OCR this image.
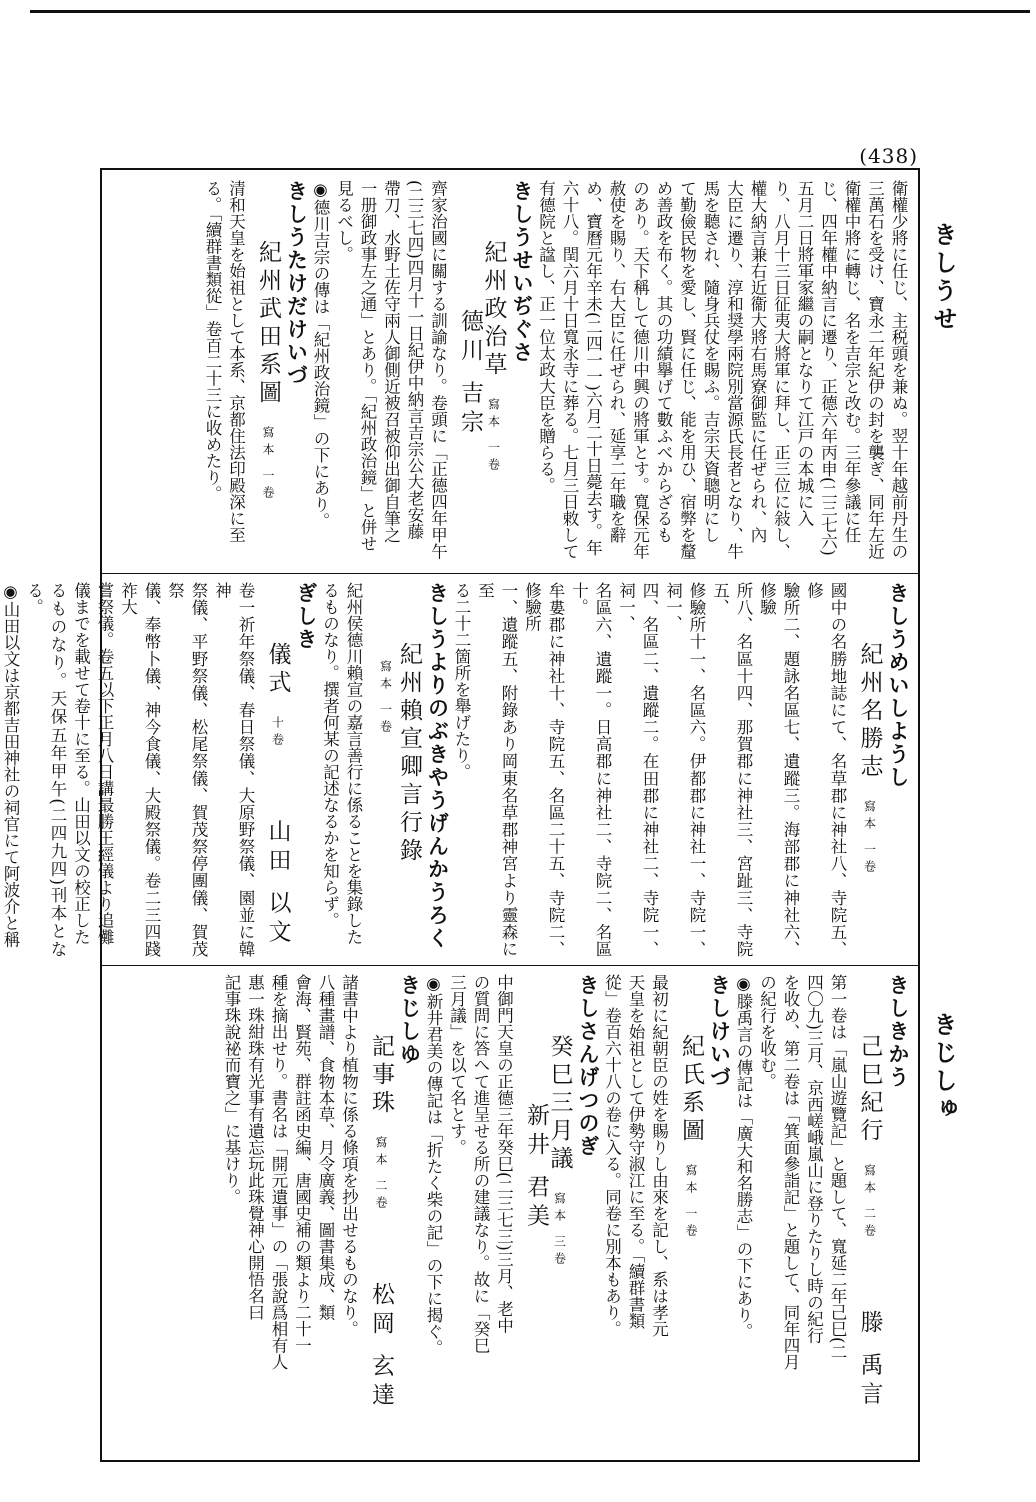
(438)
きしうせ
きじしゅ
衛權少將に任じ、主税頭を兼ぬ。翌十年越前丹生の
三萬石を受け、寶永二年紀伊の封を襲ぎ、同年左近
衛權中將に轉じ、名を吉宗と改む。三年參議に任
じ、四年權中納言に遷り、正德六年丙申(二三七六)
五月二日將軍家繼の嗣となりて江戸の本城に入
り、八月十三日征夷大將軍に拜し、正三位に敍し、
權大納言兼右近衞大將右馬寮御監に任ぜられ、內
大臣に遷り、淳和奨學兩院別當源氏長者となり、牛
馬を聽され、隨身兵仗を賜ふ。吉宗天資聰明にし
て勤儉民物を愛し、賢に任じ、能を用ひ、宿弊を釐
め善政を布く。其の功績擧げて數ふべからざるも
のあり。天下稱して德川中興の將軍とす。寬保元年
赦使を賜り、右大臣に任ぜられ、延享二年職を辭
め、寶曆元年辛未(二四一一)六月二十日薨去す。年
六十八。閏六月十日寬永寺に葬る。七月三日敕して
有德院と諡し、正一位太政大臣を贈らる。
きしうせいぢぐさ
紀州政治草寫本 一卷德川 吉宗
齊家治國に關する訓諭なり。卷頭に「正德四年甲午
(二三七四)四月十一日紀伊中納言吉宗公大老安藤
帶刀、水野土佐守兩人御側近被召被仰出御自筆之
一册御政事左之通」とあり。「紀州政治鏡」と併せ
見るべし。
◉德川吉宗の傳は「紀州政治鏡」の下にあり。
きしうたけだけいづ
紀州武田系圖寫本 一卷
清和天皇を始祖として本系、京都住法印殿深に至
る。「續群書類從」卷百二十三に收めたり。
きしうめいしようし
紀州名勝志寫本 一卷
國中の名勝地誌にて、名草郡に神社八、寺院五、修
驗所二、題詠名區七、遺蹤三。海部郡に神社六、修驗
所八、名區十四、那賀郡に神社三、宮趾三、寺院五、
修驗所十一、名區六。伊都郡に神社一、寺院一、祠一、
四、名區二、遺蹤二。在田郡に神社二、寺院一、祠一、
名區六、遺蹤一。日高郡に神社二、寺院二、名區十。
牟婁郡に神社十、寺院五、名區二十五、寺院二、修驗所
一、遺蹤五、附錄あり岡東名草郡神宮より靈森に至
る二十二箇所を舉げたり。
きしうよりのぶきやうげんかうろく
紀州賴宣卿言行錄寫本 一卷
紀州侯德川賴宣の嘉言善行に係ることを集錄した
るものなり。撰者何某の記述なるかを知らず。
ぎしき
儀式十卷山田 以文
卷一祈年祭儀、春日祭儀、大原野祭儀、園並に韓神
祭儀、平野祭儀、松尾祭儀、賀茂祭停團儀、賀茂祭
儀、奉幣卜儀、神今食儀、大殿祭儀。卷二三四踐祚大
嘗祭儀。卷五以下正月八日講最勝王經儀より追儺
儀までを載せて卷十に至る。山田以文の校正した
るものなり。天保五年甲午(二四九四)刊本となる。
◉山田以文は京都吉田神社の祠官にて阿波介と稱
きしきかう
己巳紀行寫本 二卷滕 禹言
第一卷は「嵐山遊覽記」と題して、寬延二年己巳(二
四〇九)三月、京西嵯峨嵐山に登りたりし時の紀行
を收め、第二卷は「箕面參詣記」と題して、同年四月
の紀行を收む。
◉滕禹言の傳記は「廣大和名勝志」の下にあり。
きしけいづ
紀氏系圖寫本 一卷
最初に紀朝臣の姓を賜りし由來を記し、系は孝元
天皇を始祖として伊勢守淑江に至る。「續群書類
從」卷百六十八の卷に入る。同卷に別本もあり。
きしさんげつのぎ
癸巳三月議寫本 三卷新井 君美
中御門天皇の正德三年癸巳(二三七三)三月、老中
の質問に答へて進呈せる所の建議なり。故に「癸巳
三月議」を以て名とす。
◉新井君美の傳記は「折たく柴の記」の下に揭ぐ。
きじしゆ
記事珠寫本 二卷松岡 玄達
諸書中より植物に係る條項を抄出せるものなり。
八種畫譜、食物本草、月令廣義、圖書集成、類
會海、賢苑、群註函史編、唐國史補の類より二十一
種を摘出せり。書名は「開元遺事」の「張說爲相有人
惠一珠紺珠有光事有遺忘玩此珠覺神心開悟名曰
記事珠說祕而寶之」に基けり。
